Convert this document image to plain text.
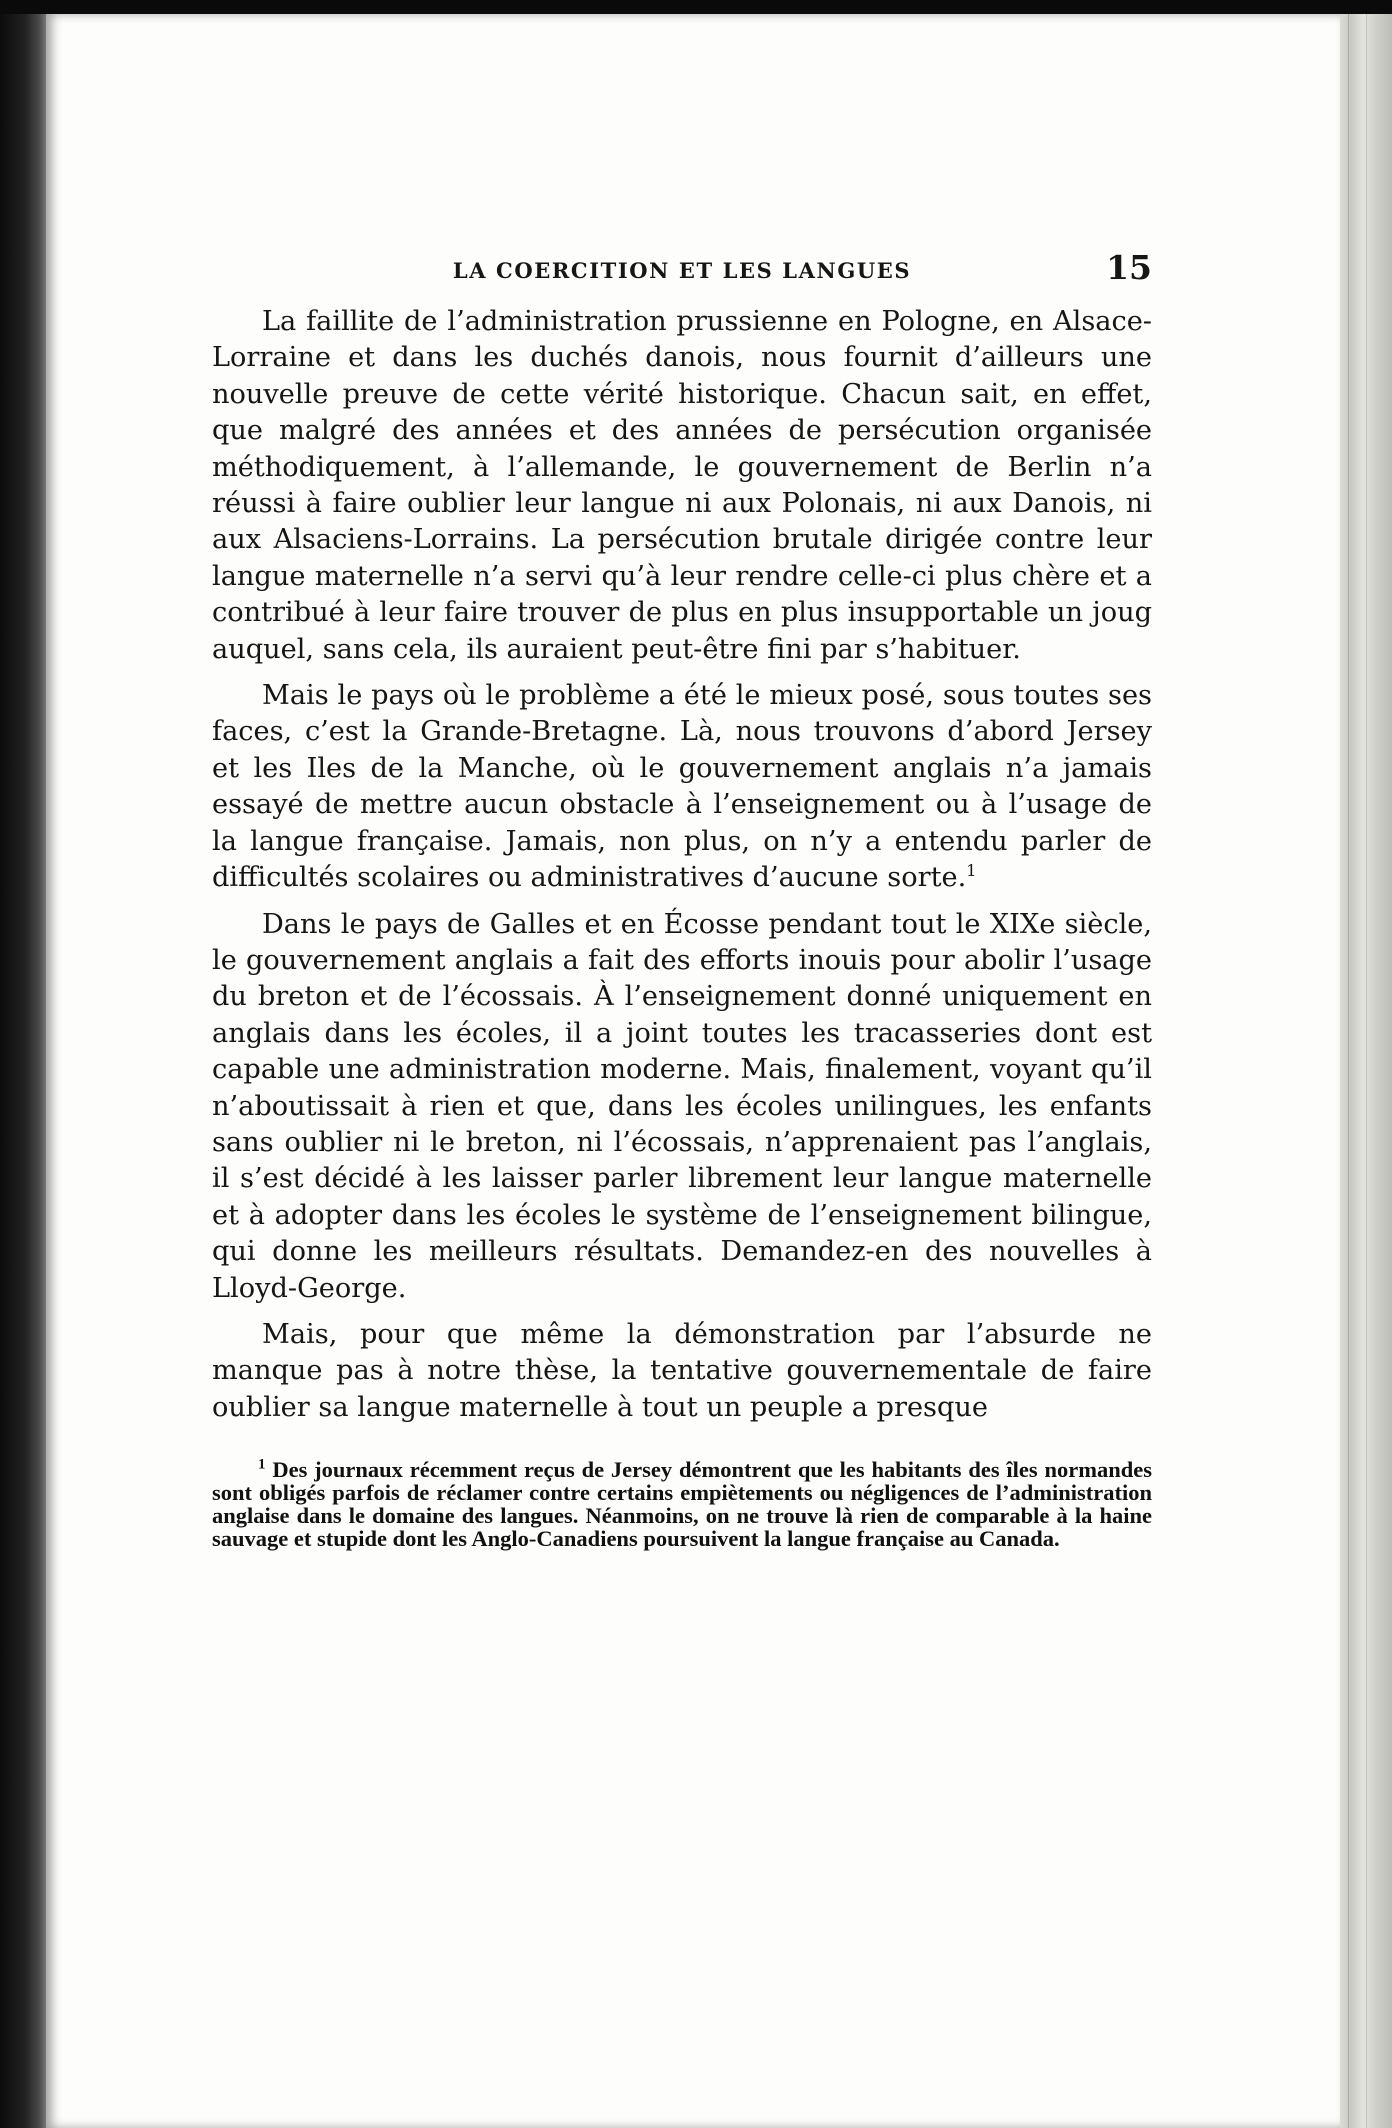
LA COERCITION ET LES LANGUES	15

La faillite de l’administration prussienne en Pologne, en Alsace-Lorraine et dans les duchés danois, nous fournit d’ailleurs une nouvelle preuve de cette vérité historique. Chacun sait, en effet, que malgré des années et des années de persécution organisée méthodiquement, à l’allemande, le gouvernement de Berlin n’a réussi à faire oublier leur langue ni aux Polonais, ni aux Danois, ni aux Alsaciens-Lorrains. La persécution brutale dirigée contre leur langue maternelle n’a servi qu’à leur rendre celle-ci plus chère et a contribué à leur faire trouver de plus en plus insupportable un joug auquel, sans cela, ils auraient peut-être fini par s’habituer.

Mais le pays où le problème a été le mieux posé, sous toutes ses faces, c’est la Grande-Bretagne. Là, nous trouvons d’abord Jersey et les Iles de la Manche, où le gouvernement anglais n’a jamais essayé de mettre aucun obstacle à l’enseignement ou à l’usage de la langue française. Jamais, non plus, on n’y a entendu parler de difficultés scolaires ou administratives d’aucune sorte.$^1$

Dans le pays de Galles et en Écosse pendant tout le XIXe siècle, le gouvernement anglais a fait des efforts inouis pour abolir l’usage du breton et de l’écossais. À l’enseignement donné uniquement en anglais dans les écoles, il a joint toutes les tracasseries dont est capable une administration moderne. Mais, finalement, voyant qu’il n’aboutissait à rien et que, dans les écoles unilingues, les enfants sans oublier ni le breton, ni l’écossais, n’apprenaient pas l’anglais, il s’est décidé à les laisser parler librement leur langue maternelle et à adopter dans les écoles le système de l’enseignement bilingue, qui donne les meilleurs résultats. Demandez-en des nouvelles à Lloyd-George.

Mais, pour que même la démonstration par l’absurde ne manque pas à notre thèse, la tentative gouvernementale de faire oublier sa langue maternelle à tout un peuple a presque

$^1$ Des journaux récemment reçus de Jersey démontrent que les habitants des îles normandes sont obligés parfois de réclamer contre certains empiètements ou négligences de l’administration anglaise dans le domaine des langues. Néanmoins, on ne trouve là rien de comparable à la haine sauvage et stupide dont les Anglo-Canadiens poursuivent la langue française au Canada.
